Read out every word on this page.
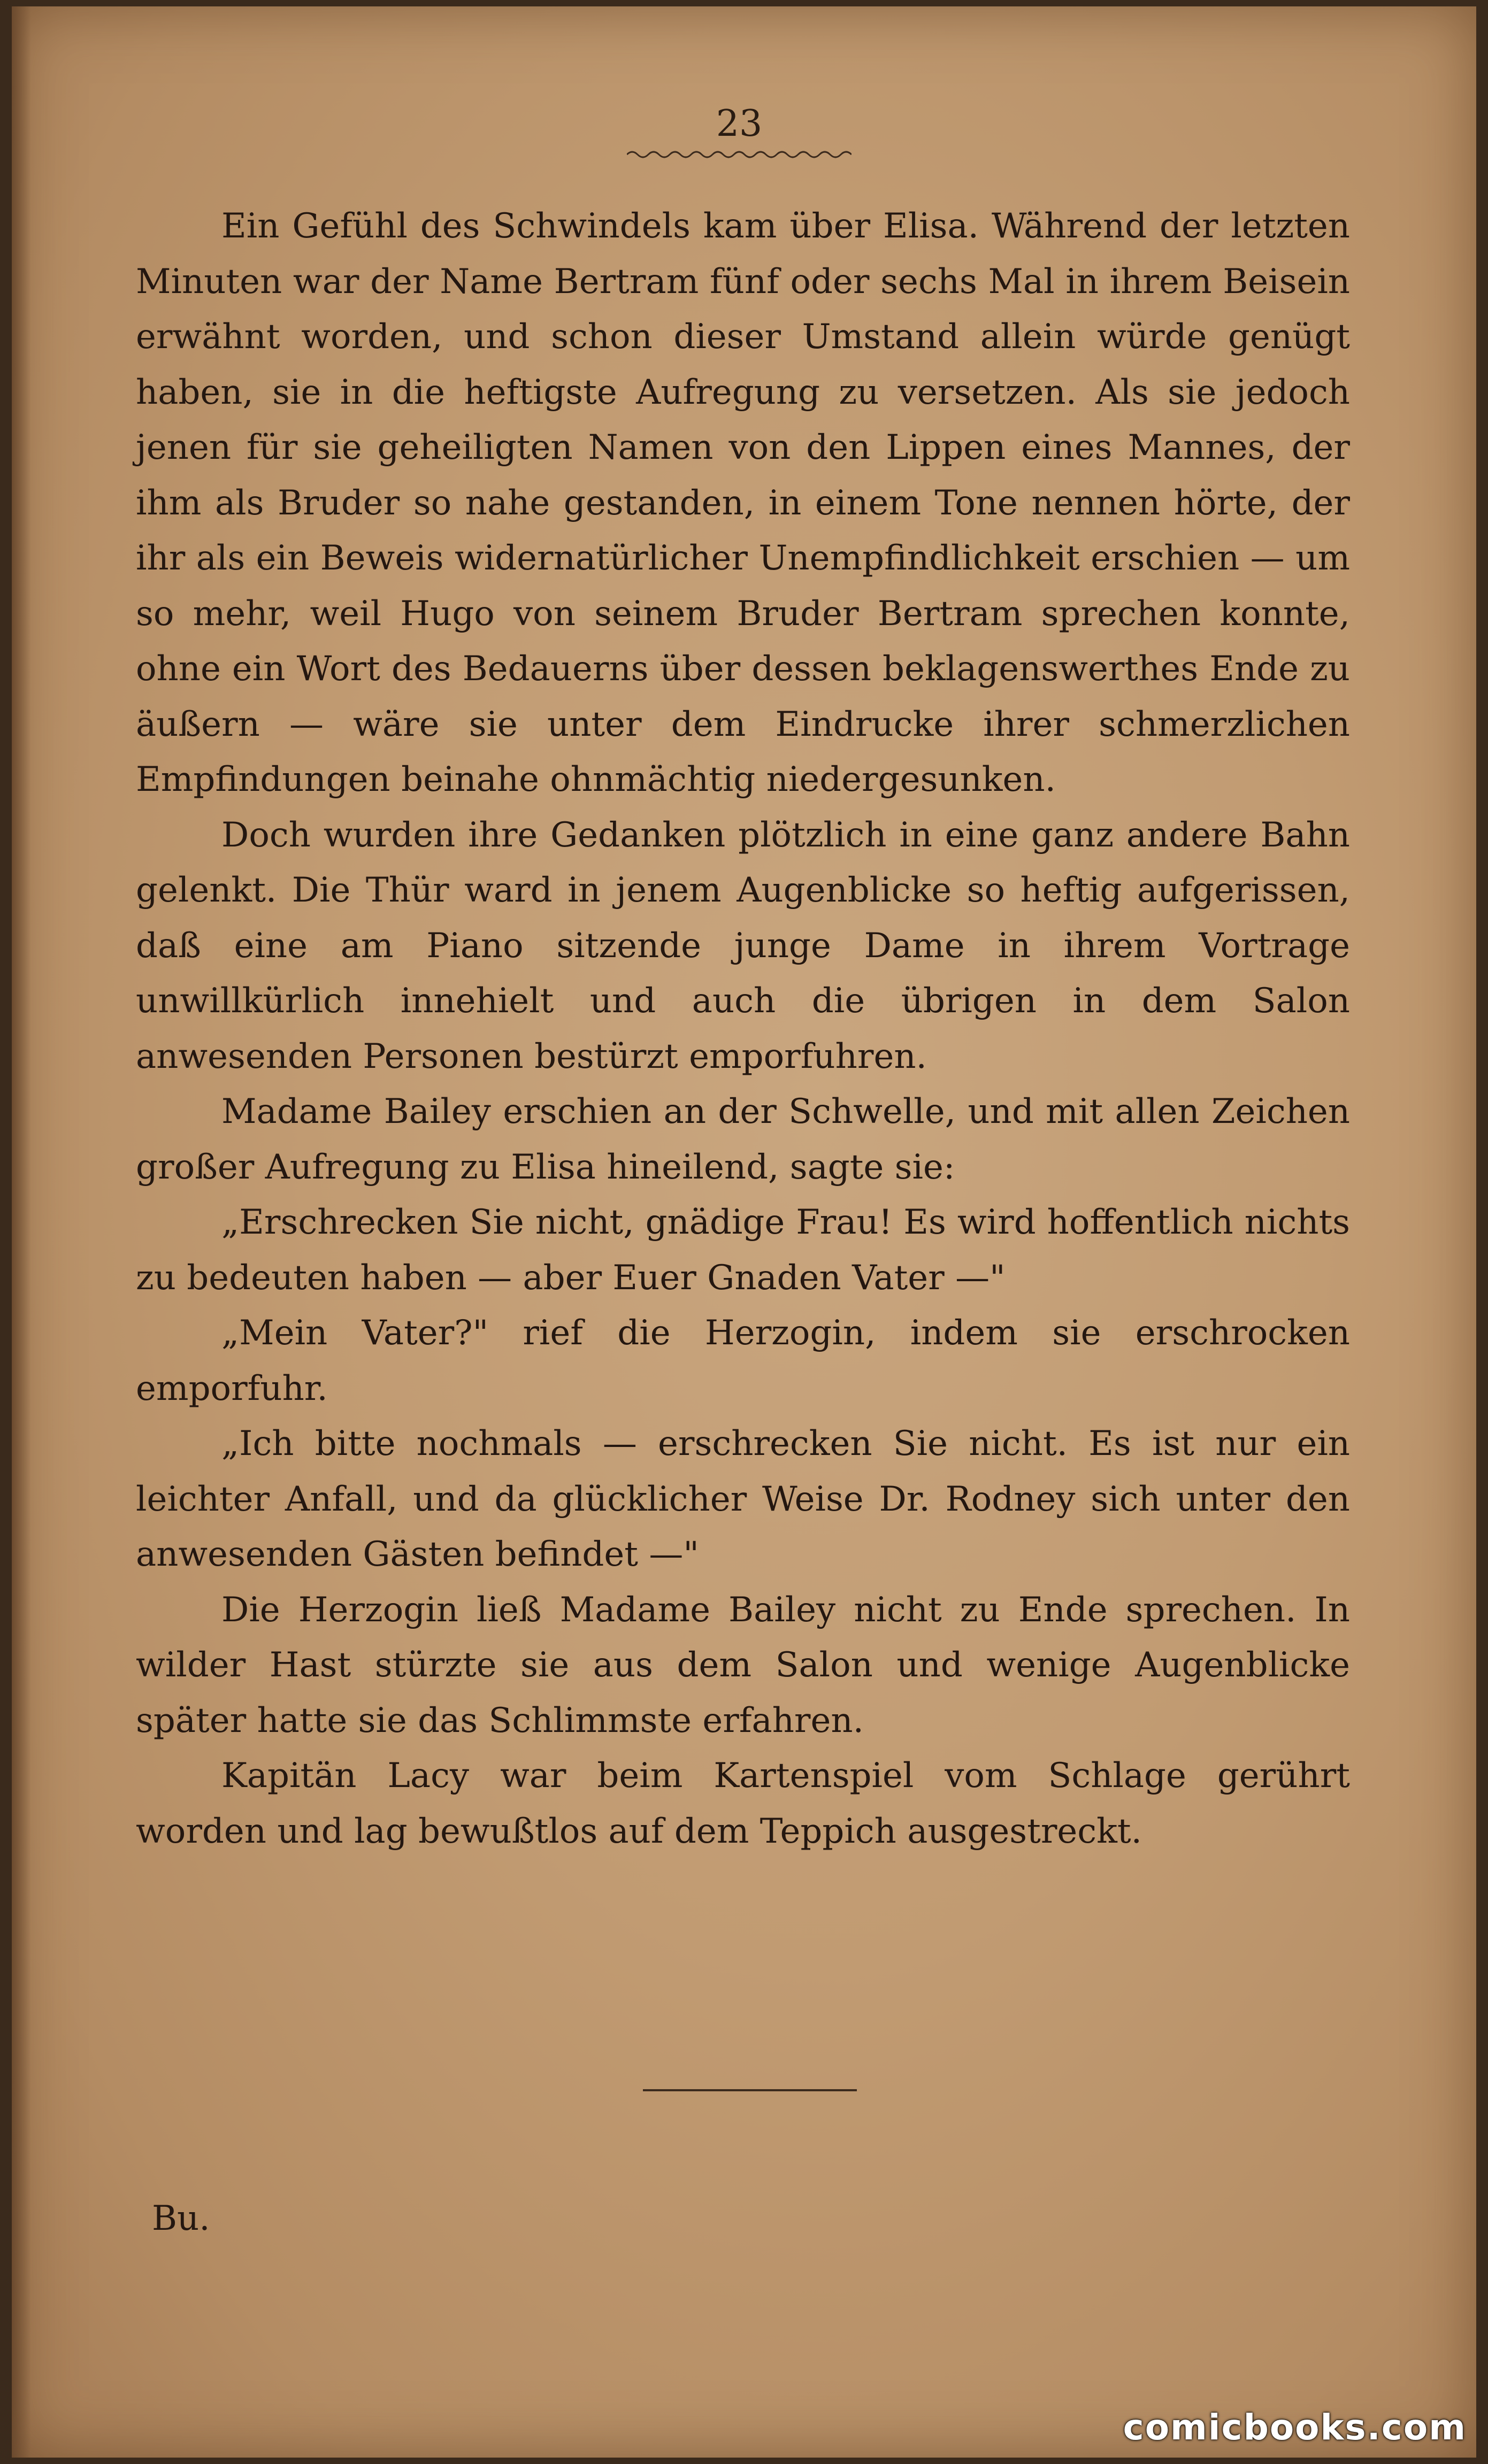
23

Ein Gefühl des Schwindels kam über Elisa. Während der letzten Minuten war der Name Bertram fünf oder sechs Mal in ihrem Beisein erwähnt worden, und schon dieser Umstand allein würde genügt haben, sie in die heftigste Aufregung zu versetzen. Als sie jedoch jenen für sie geheiligten Namen von den Lippen eines Mannes, der ihm als Bruder so nahe gestanden, in einem Tone nennen hörte, der ihr als ein Beweis widernatürlicher Unempfindlichkeit erschien — um so mehr, weil Hugo von seinem Bruder Bertram sprechen konnte, ohne ein Wort des Bedauerns über dessen beklagenswerthes Ende zu äußern — wäre sie unter dem Eindrucke ihrer schmerzlichen Empfindungen beinahe ohnmächtig niedergesunken.

Doch wurden ihre Gedanken plötzlich in eine ganz andere Bahn gelenkt. Die Thür ward in jenem Augenblicke so heftig aufgerissen, daß eine am Piano sitzende junge Dame in ihrem Vortrage unwillkürlich innehielt und auch die übrigen in dem Salon anwesenden Personen bestürzt emporfuhren.

Madame Bailey erschien an der Schwelle, und mit allen Zeichen großer Aufregung zu Elisa hineilend, sagte sie:

„Erschrecken Sie nicht, gnädige Frau! Es wird hoffentlich nichts zu bedeuten haben — aber Euer Gnaden Vater —"

„Mein Vater?" rief die Herzogin, indem sie erschrocken emporfuhr.

„Ich bitte nochmals — erschrecken Sie nicht. Es ist nur ein leichter Anfall, und da glücklicher Weise Dr. Rodney sich unter den anwesenden Gästen befindet —"

Die Herzogin ließ Madame Bailey nicht zu Ende sprechen. In wilder Hast stürzte sie aus dem Salon und wenige Augenblicke später hatte sie das Schlimmste erfahren.

Kapitän Lacy war beim Kartenspiel vom Schlage gerührt worden und lag bewußtlos auf dem Teppich ausgestreckt.

Bu.
comicbooks.com
